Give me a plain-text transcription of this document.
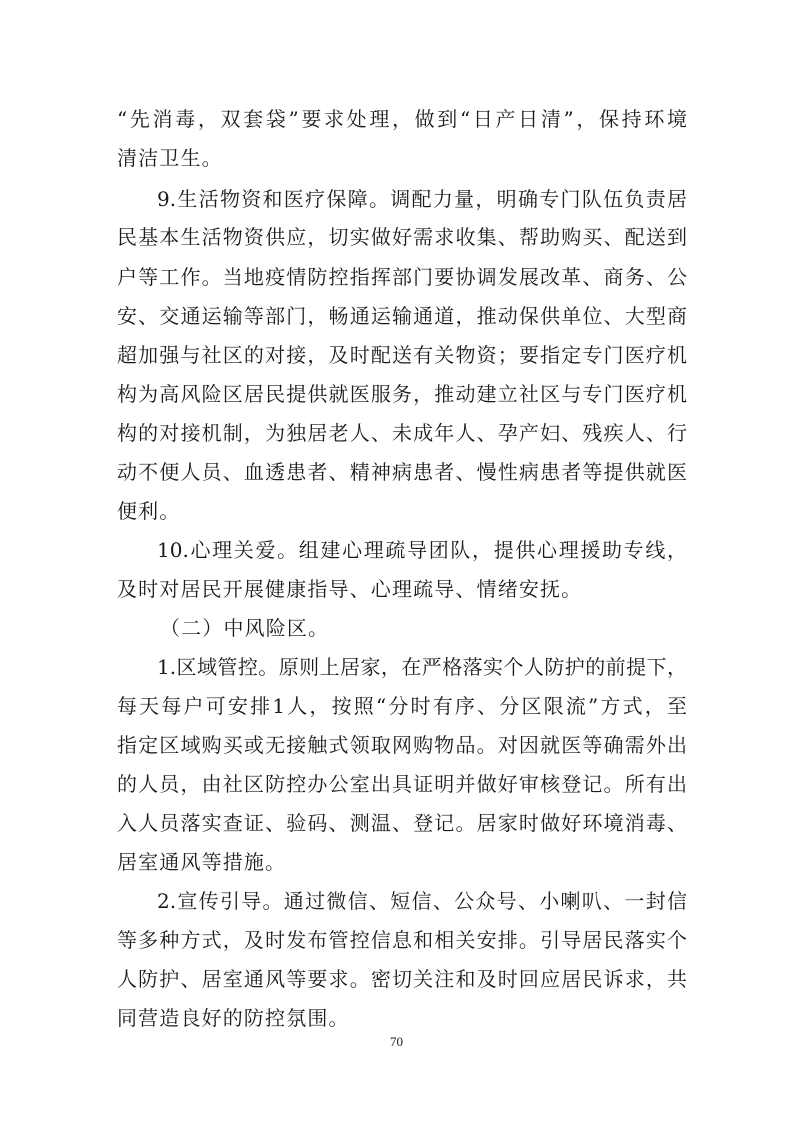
“先消毒，双套袋”要求处理，做到“日产日清”，保持环境
清洁卫生。
9.生活物资和医疗保障。调配力量，明确专门队伍负责居
民基本生活物资供应，切实做好需求收集、帮助购买、配送到
户等工作。当地疫情防控指挥部门要协调发展改革、商务、公
安、交通运输等部门，畅通运输通道，推动保供单位、大型商
超加强与社区的对接，及时配送有关物资；要指定专门医疗机
构为高风险区居民提供就医服务，推动建立社区与专门医疗机
构的对接机制，为独居老人、未成年人、孕产妇、残疾人、行
动不便人员、血透患者、精神病患者、慢性病患者等提供就医
便利。
10.心理关爱。组建心理疏导团队，提供心理援助专线，
及时对居民开展健康指导、心理疏导、情绪安抚。
（二）中风险区。
1.区域管控。原则上居家，在严格落实个人防护的前提下，
每天每户可安排1人，按照“分时有序、分区限流”方式，至
指定区域购买或无接触式领取网购物品。对因就医等确需外出
的人员，由社区防控办公室出具证明并做好审核登记。所有出
入人员落实查证、验码、测温、登记。居家时做好环境消毒、
居室通风等措施。
2.宣传引导。通过微信、短信、公众号、小喇叭、一封信
等多种方式，及时发布管控信息和相关安排。引导居民落实个
人防护、居室通风等要求。密切关注和及时回应居民诉求，共
同营造良好的防控氛围。
70
